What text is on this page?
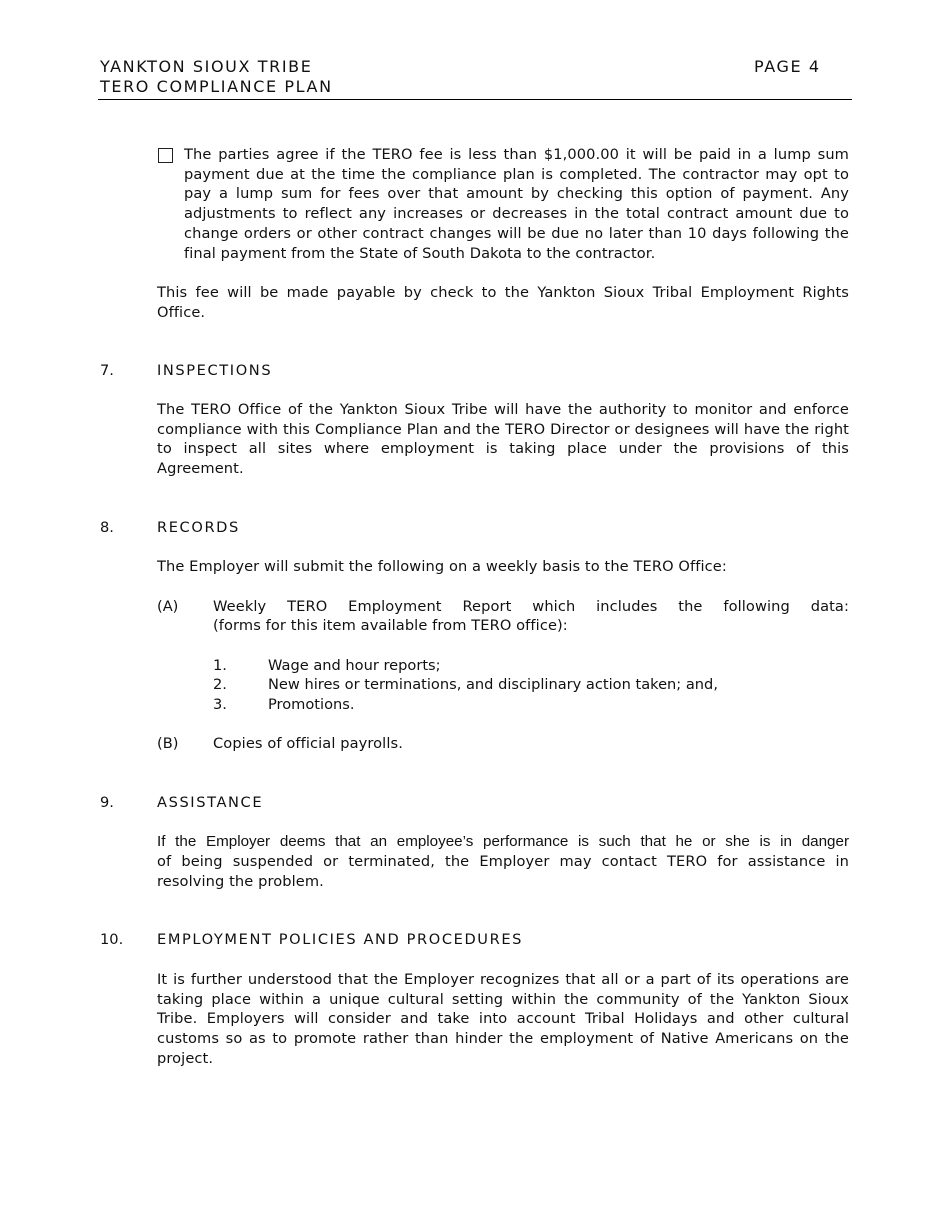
YANKTON SIOUX TRIBE
TERO COMPLIANCE PLAN
PAGE 4
The parties agree if the TERO fee is less than $1,000.00 it will be paid in a lump sum payment due at the time the compliance plan is completed. The contractor may opt to pay a lump sum for fees over that amount by checking this option of payment. Any adjustments to reflect any increases or decreases in the total contract amount due to change orders or other contract changes will be due no later than 10 days following the final payment from the State of South Dakota to the contractor.
This fee will be made payable by check to the Yankton Sioux Tribal Employment Rights Office.
7.	INSPECTIONS
The TERO Office of the Yankton Sioux Tribe will have the authority to monitor and enforce compliance with this Compliance Plan and the TERO Director or designees will have the right to inspect all sites where employment is taking place under the provisions of this Agreement.
8.	RECORDS
The Employer will submit the following on a weekly basis to the TERO Office:
(A) Weekly TERO Employment Report which includes the following data:
(forms for this item available from TERO office):
1.	Wage and hour reports;
2.	New hires or terminations, and disciplinary action taken; and,
3.	Promotions.
(B) Copies of official payrolls.
9.	ASSISTANCE
If the Employer deems that an employee’s performance is such that he or she is in danger
of being suspended or terminated, the Employer may contact TERO for assistance in resolving the problem.
10. EMPLOYMENT POLICIES AND PROCEDURES
It is further understood that the Employer recognizes that all or a part of its operations are taking place within a unique cultural setting within the community of the Yankton Sioux Tribe. Employers will consider and take into account Tribal Holidays and other cultural customs so as to promote rather than hinder the employment of Native Americans on the project.
